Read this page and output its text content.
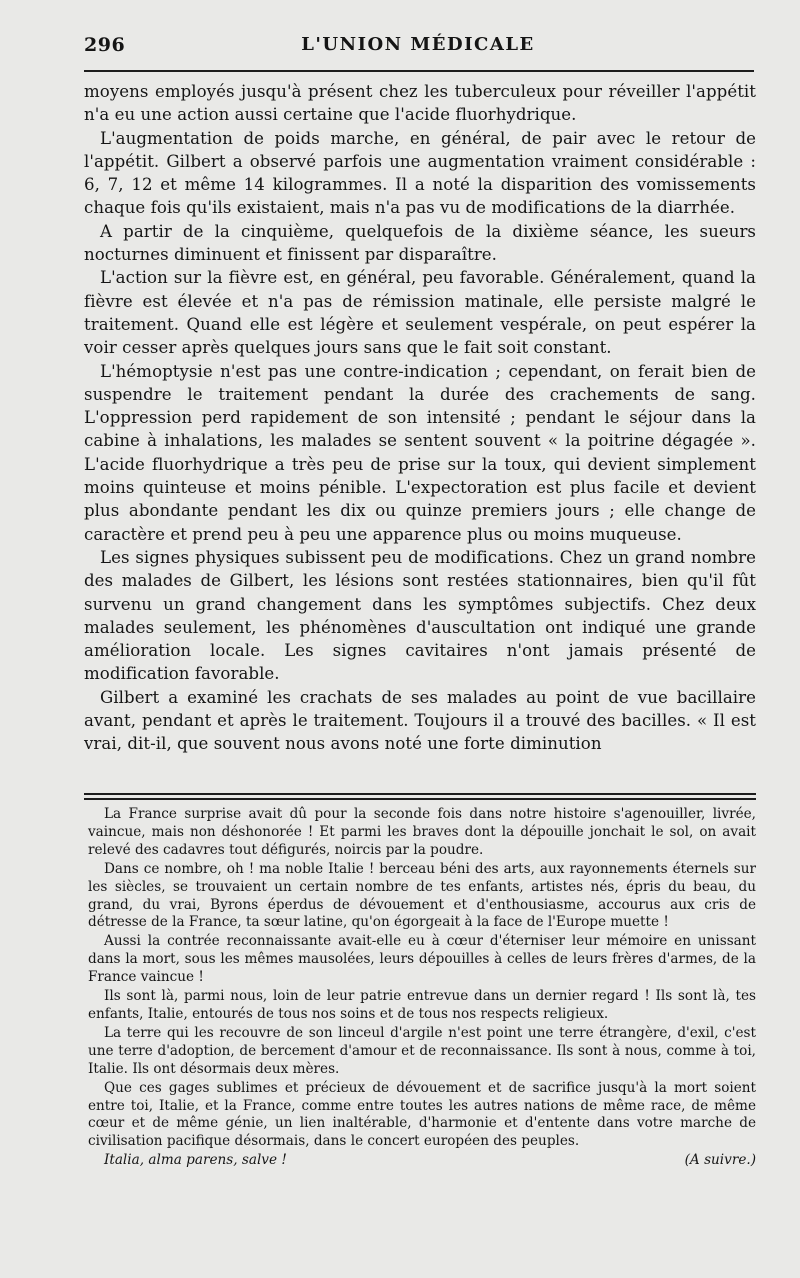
296	L'UNION MÉDICALE

moyens employés jusqu'à présent chez les tuberculeux pour réveiller l'appétit n'a eu une action aussi certaine que l'acide fluorhydrique.

L'augmentation de poids marche, en général, de pair avec le retour de l'appétit. Gilbert a observé parfois une augmentation vraiment considérable : 6, 7, 12 et même 14 kilogrammes. Il a noté la disparition des vomissements chaque fois qu'ils existaient, mais n'a pas vu de modifications de la diarrhée.

A partir de la cinquième, quelquefois de la dixième séance, les sueurs nocturnes diminuent et finissent par disparaître.

L'action sur la fièvre est, en général, peu favorable. Généralement, quand la fièvre est élevée et n'a pas de rémission matinale, elle persiste malgré le traitement. Quand elle est légère et seulement vespérale, on peut espérer la voir cesser après quelques jours sans que le fait soit constant.

L'hémoptysie n'est pas une contre-indication ; cependant, on ferait bien de suspendre le traitement pendant la durée des crachements de sang. L'oppression perd rapidement de son intensité ; pendant le séjour dans la cabine à inhalations, les malades se sentent souvent « la poitrine dégagée ». L'acide fluorhydrique a très peu de prise sur la toux, qui devient simplement moins quinteuse et moins pénible. L'expectoration est plus facile et devient plus abondante pendant les dix ou quinze premiers jours ; elle change de caractère et prend peu à peu une apparence plus ou moins muqueuse.

Les signes physiques subissent peu de modifications. Chez un grand nombre des malades de Gilbert, les lésions sont restées stationnaires, bien qu'il fût survenu un grand changement dans les symptômes subjectifs. Chez deux malades seulement, les phénomènes d'auscultation ont indiqué une grande amélioration locale. Les signes cavitaires n'ont jamais présenté de modification favorable.

Gilbert a examiné les crachats de ses malades au point de vue bacillaire avant, pendant et après le traitement. Toujours il a trouvé des bacilles. « Il est vrai, dit-il, que souvent nous avons noté une forte diminution

La France surprise avait dû pour la seconde fois dans notre histoire s'agenouiller, livrée, vaincue, mais non déshonorée ! Et parmi les braves dont la dépouille jonchait le sol, on avait relevé des cadavres tout défigurés, noircis par la poudre.

Dans ce nombre, oh ! ma noble Italie ! berceau béni des arts, aux rayonnements éternels sur les siècles, se trouvaient un certain nombre de tes enfants, artistes nés, épris du beau, du grand, du vrai, Byrons éperdus de dévouement et d'enthousiasme, accourus aux cris de détresse de la France, ta sœur latine, qu'on égorgeait à la face de l'Europe muette !

Aussi la contrée reconnaissante avait-elle eu à cœur d'éterniser leur mémoire en unissant dans la mort, sous les mêmes mausolées, leurs dépouilles à celles de leurs frères d'armes, de la France vaincue !

Ils sont là, parmi nous, loin de leur patrie entrevue dans un dernier regard ! Ils sont là, tes enfants, Italie, entourés de tous nos soins et de tous nos respects religieux.

La terre qui les recouvre de son linceul d'argile n'est point une terre étrangère, d'exil, c'est une terre d'adoption, de bercement d'amour et de reconnaissance. Ils sont à nous, comme à toi, Italie. Ils ont désormais deux mères.

Que ces gages sublimes et précieux de dévouement et de sacrifice jusqu'à la mort soient entre toi, Italie, et la France, comme entre toutes les autres nations de même race, de même cœur et de même génie, un lien inaltérable, d'harmonie et d'entente dans votre marche de civilisation pacifique désormais, dans le concert européen des peuples.

Italia, alma parens, salve !	(A suivre.)
